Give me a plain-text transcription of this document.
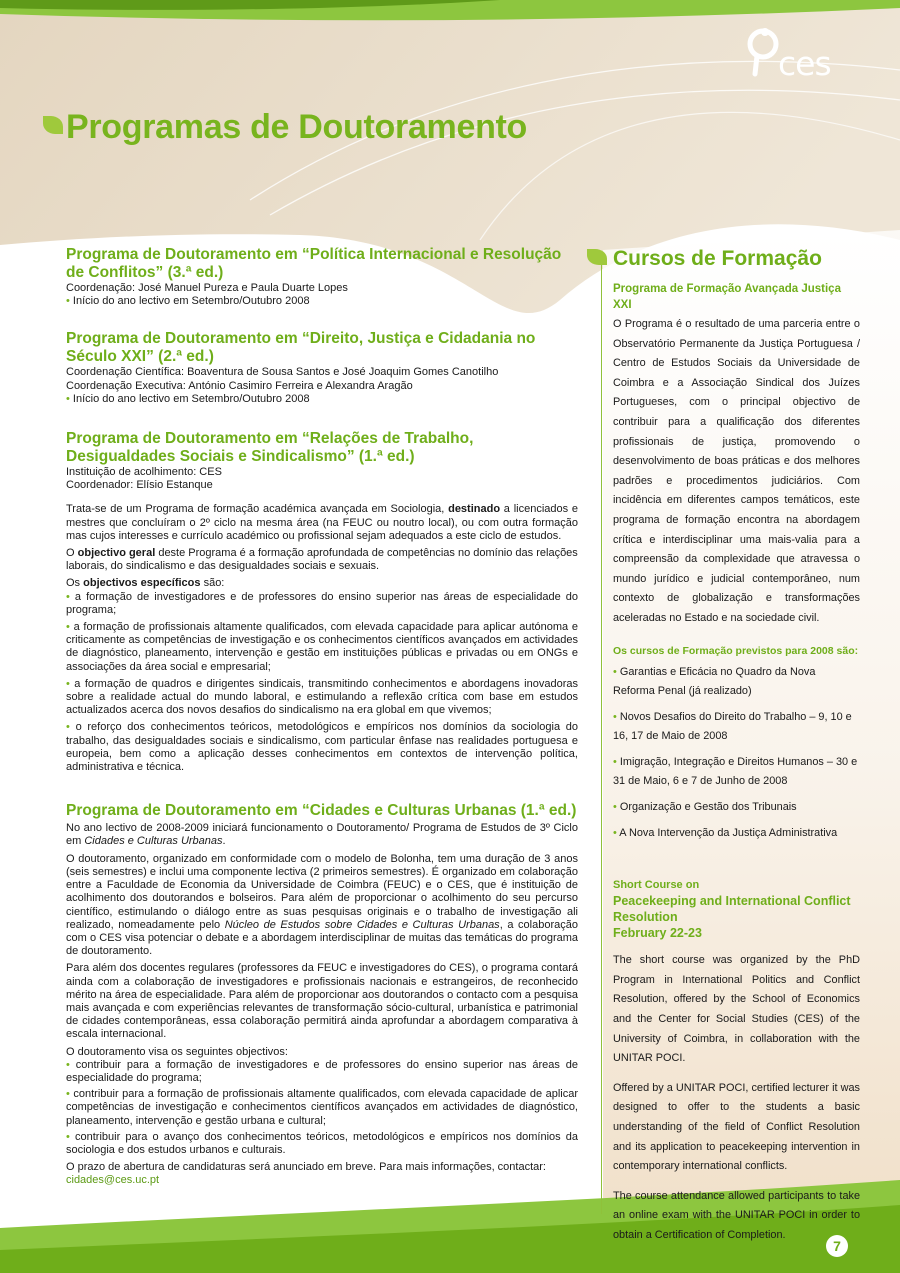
ces
Programas de Doutoramento
Programa de Doutoramento em “Política Internacional e Resolução de Conflitos” (3.ª ed.)

Coordenação: José Manuel Pureza e Paula Duarte Lopes

• Início do ano lectivo em Setembro/Outubro 2008

Programa de Doutoramento em “Direito, Justiça e Cidadania no Século XXI” (2.ª ed.)

Coordenação Científica: Boaventura de Sousa Santos e José Joaquim Gomes Canotilho

Coordenação Executiva: António Casimiro Ferreira e Alexandra Aragão

• Início do ano lectivo em Setembro/Outubro 2008

Programa de Doutoramento em “Relações de Trabalho, Desigualdades Sociais e Sindicalismo” (1.ª ed.)

Instituição de acolhimento: CES

Coordenador: Elísio Estanque

Trata-se de um Programa de formação académica avançada em Sociologia, destinado a licenciados e mestres que concluíram o 2º ciclo na mesma área (na FEUC ou noutro local), ou com outra formação mas cujos interesses e currículo académico ou profissional sejam adequados a este ciclo de estudos.

O objectivo geral deste Programa é a formação aprofundada de competências no domínio das relações laborais, do sindicalismo e das desigualdades sociais e sexuais.

Os objectivos específicos são:

• a formação de investigadores e de professores do ensino superior nas áreas de especialidade do programa;

• a formação de profissionais altamente qualificados, com elevada capacidade para aplicar autónoma e criticamente as competências de investigação e os conhecimentos científicos avançados em actividades de diagnóstico, planeamento, intervenção e gestão em instituições públicas e privadas ou em ONGs e associações da área social e empresarial;

• a formação de quadros e dirigentes sindicais, transmitindo conhecimentos e abordagens inovadoras sobre a realidade actual do mundo laboral, e estimulando a reflexão crítica com base em estudos actualizados acerca dos novos desafios do sindicalismo na era global em que vivemos;

• o reforço dos conhecimentos teóricos, metodológicos e empíricos nos domínios da sociologia do trabalho, das desigualdades sociais e sindicalismo, com particular ênfase nas realidades portuguesa e europeia, bem como a aplicação desses conhecimentos em contextos de intervenção política, administrativa e técnica.

Programa de Doutoramento em “Cidades e Culturas Urbanas (1.ª ed.)

No ano lectivo de 2008-2009 iniciará funcionamento o Doutoramento/ Programa de Estudos de 3º Ciclo em Cidades e Culturas Urbanas.

O doutoramento, organizado em conformidade com o modelo de Bolonha, tem uma duração de 3 anos (seis semestres) e inclui uma componente lectiva (2 primeiros semestres). É organizado em colaboração entre a Faculdade de Economia da Universidade de Coimbra (FEUC) e o CES, que é instituição de acolhimento dos doutorandos e bolseiros. Para além de proporcionar o acolhimento do seu percurso científico, estimulando o diálogo entre as suas pesquisas originais e o trabalho de investigação ali realizado, nomeadamente pelo Núcleo de Estudos sobre Cidades e Culturas Urbanas, a colaboração com o CES visa potenciar o debate e a abordagem interdisciplinar de muitas das temáticas do programa de doutoramento.

Para além dos docentes regulares (professores da FEUC e investigadores do CES), o programa contará ainda com a colaboração de investigadores e profissionais nacionais e estrangeiros, de reconhecido mérito na área de especialidade. Para além de proporcionar aos doutorandos o contacto com a pesquisa mais avançada e com experiências relevantes de transformação sócio-cultural, urbanística e patrimonial de cidades contemporâneas, essa colaboração permitirá ainda aprofundar a abordagem comparativa à escala internacional.

O doutoramento visa os seguintes objectivos:

• contribuir para a formação de investigadores e de professores do ensino superior nas áreas de especialidade do programa;

• contribuir para a formação de profissionais altamente qualificados, com elevada capacidade de aplicar competências de investigação e conhecimentos científicos avançados em actividades de diagnóstico, planeamento, intervenção e gestão urbana e cultural;

• contribuir para o avanço dos conhecimentos teóricos, metodológicos e empíricos nos domínios da sociologia e dos estudos urbanos e culturais.

O prazo de abertura de candidaturas será anunciado em breve. Para mais informações, contactar:

cidades@ces.uc.pt

Cursos de Formação
Programa de Formação Avançada Justiça XXI

O Programa é o resultado de uma parceria entre o Observatório Permanente da Justiça Portuguesa / Centro de Estudos Sociais da Universidade de Coimbra e a Associação Sindical dos Juízes Portugueses, com o principal objectivo de contribuir para a qualificação dos diferentes profissionais de justiça, promovendo o desenvolvimento de boas práticas e dos melhores padrões e procedimentos judiciários. Com incidência em diferentes campos temáticos, este programa de formação encontra na abordagem crítica e interdisciplinar uma mais-valia para a compreensão da complexidade que atravessa o mundo jurídico e judicial contemporâneo, num contexto de globalização e transformações aceleradas no Estado e na sociedade civil.

Os cursos de Formação previstos para 2008 são:

• Garantias e Eficácia no Quadro da Nova Reforma Penal (já realizado)

• Novos Desafios do Direito do Trabalho – 9, 10 e 16, 17 de Maio de 2008

• Imigração, Integração e Direitos Humanos – 30 e 31 de Maio, 6 e 7 de Junho de 2008

• Organização e Gestão dos Tribunais

• A Nova Intervenção da Justiça Administrativa

Short Course on
Peacekeeping and International Conflict Resolution
February 22-23

The short course was organized by the PhD Program in International Politics and Conflict Resolution, offered by the School of Economics and the Center for Social Studies (CES) of the University of Coimbra, in collaboration with the UNITAR POCI.

Offered by a UNITAR POCI, certified lecturer it was designed to offer to the students a basic understanding of the field of Conflict Resolution and its application to peacekeeping intervention in contemporary international conflicts.

The course attendance allowed participants to take an online exam with the UNITAR POCI in order to obtain a Certification of Completion.

7
